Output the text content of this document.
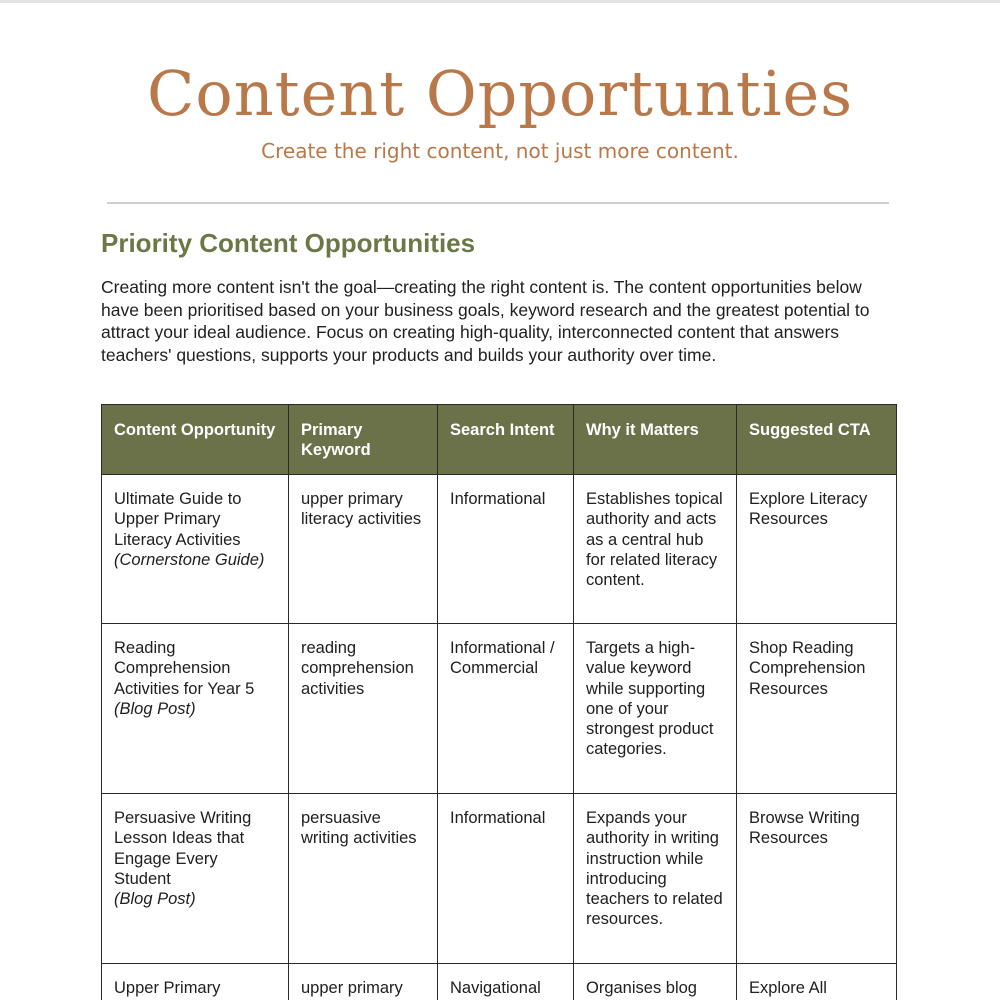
Content Opportunties
Create the right content, not just more content.
Priority Content Opportunities

Creating more content isn't the goal—creating the right content is. The content opportunities below have been prioritised based on your business goals, keyword research and the greatest potential to attract your ideal audience. Focus on creating high-quality, interconnected content that answers teachers' questions, supports your products and builds your authority over time.

Content Opportunity	Primary Keyword	Search Intent	Why it Matters	Suggested CTA
Ultimate Guide to Upper Primary Literacy Activities
(Cornerstone Guide)	upper primary literacy activities	Informational	Establishes topical authority and acts as a central hub for related literacy content.	Explore Literacy Resources
Reading Comprehension Activities for Year 5
(Blog Post)	reading comprehension activities	Informational / Commercial	Targets a high-value keyword while supporting one of your strongest product categories.	Shop Reading Comprehension Resources
Persuasive Writing Lesson Ideas that Engage Every Student
(Blog Post)	persuasive writing activities	Informational	Expands your authority in writing instruction while introducing teachers to related resources.	Browse Writing Resources
Upper Primary	upper primary	Navigational	Organises blog	Explore All
